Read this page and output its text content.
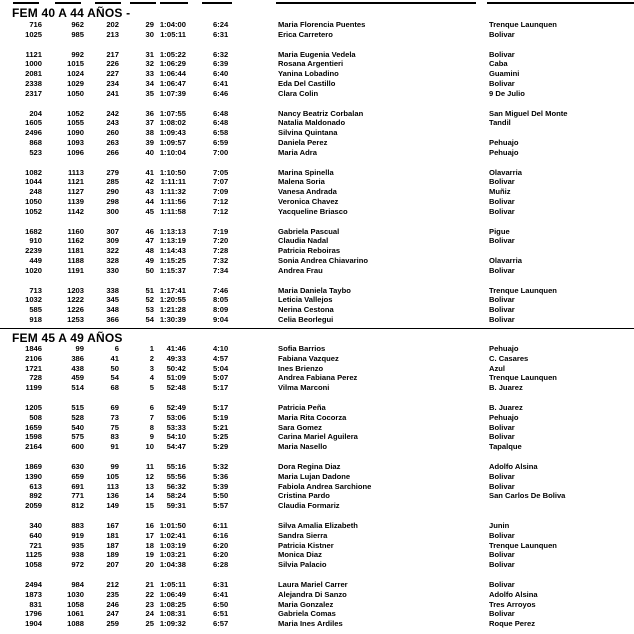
FEM 40 A 44 AÑOS -
716	962	202	29 1:04:00	6:24	Maria Florencia Puentes	Trenque Launquen
1025	985	213	30 1:05:11	6:31	Erica Carretero	Bolivar
1121	992	217	31 1:05:22	6:32	Maria Eugenia Vedela	Bolivar
1000	1015	226	32 1:06:29	6:39	Rosana Argentieri	Caba
2081	1024	227	33 1:06:44	6:40	Yanina Lobadino	Guamini
2338	1029	234	34 1:06:47	6:41	Eda Del Castillo	Bolivar
2317	1050	241	35 1:07:39	6:46	Clara Colin	9 De Julio
204	1052	242	36 1:07:55	6:48	Nancy Beatriz Corbalan	San Miguel Del Monte
1605	1055	243	37 1:08:02	6:48	Natalia Maldonado	Tandil
2496	1090	260	38 1:09:43	6:58	Silvina Quintana
868	1093	263	39 1:09:57	6:59	Daniela Perez	Pehuajo
523	1096	266	40 1:10:04	7:00	Maria Adra	Pehuajo
1082	1113	279	41 1:10:50	7:05	Marina Spinella	Olavarria
1044	1121	285	42 1:11:11	7:07	Malena Soria	Bolivar
248	1127	290	43 1:11:32	7:09	Vanesa Andrada	Muñiz
1050	1139	298	44 1:11:56	7:12	Veronica Chavez	Bolivar
1052	1142	300	45 1:11:58	7:12	Yacqueline Briasco	Bolivar
1682	1160	307	46 1:13:13	7:19	Gabriela Pascual	Pigue
910	1162	309	47 1:13:19	7:20	Claudia Nadal	Bolivar
2239	1181	322	48 1:14:43	7:28	Patricia Reboiras
449	1188	328	49 1:15:25	7:32	Sonia Andrea Chiavarino	Olavarria
1020	1191	330	50 1:15:37	7:34	Andrea Frau	Bolivar
713	1203	338	51 1:17:41	7:46	Maria Daniela Taybo	Trenque Launquen
1032	1222	345	52 1:20:55	8:05	Leticia Vallejos	Bolivar
585	1226	348	53 1:21:28	8:09	Nerina Cestona	Bolivar
918	1253	366	54 1:30:39	9:04	Celia Beorlegui	Bolivar
FEM 45 A 49 AÑOS
1846	99	6	1 41:46	4:10	Sofia Barrios	Pehuajo
2106	386	41	2 49:33	4:57	Fabiana Vazquez	C. Casares
1721	438	50	3 50:42	5:04	Ines Brienzo	Azul
728	459	54	4 51:09	5:07	Andrea Fabiana Perez	Trenque Launquen
1199	514	68	5 52:48	5:17	Vilma Marconi	B. Juarez
1205	515	69	6 52:49	5:17	Patricia Peña	B. Juarez
508	528	73	7 53:06	5:19	Maria Rita Cocorza	Pehuajo
1659	540	75	8 53:33	5:21	Sara Gomez	Bolivar
1598	575	83	9 54:10	5:25	Carina Mariel Aguilera	Bolivar
2164	600	91	10 54:47	5:29	Maria Nasello	Tapalque
1869	630	99	11 55:16	5:32	Dora Regina Diaz	Adolfo Alsina
1390	659	105	12 55:56	5:36	Maria Lujan Dadone	Bolivar
613	691	113	13 56:32	5:39	Fabiola Andrea Sarchione	Bolivar
892	771	136	14 58:24	5:50	Cristina Pardo	San Carlos De Boliva
2059	812	149	15 59:31	5:57	Claudia Formariz
340	883	167	16 1:01:50	6:11	Silva Amalia Elizabeth	Junin
640	919	181	17 1:02:41	6:16	Sandra Sierra	Bolivar
721	935	187	18 1:03:19	6:20	Patricia Kistner	Trenque Launquen
1125	938	189	19 1:03:21	6:20	Monica Diaz	Bolivar
1058	972	207	20 1:04:38	6:28	Silvia Palacio	Bolivar
2494	984	212	21 1:05:11	6:31	Laura Mariel Carrer	Bolivar
1873	1030	235	22 1:06:49	6:41	Alejandra Di Sanzo	Adolfo Alsina
831	1058	246	23 1:08:25	6:50	Maria Gonzalez	Tres Arroyos
1796	1061	247	24 1:08:31	6:51	Gabriela Comas	Bolivar
1904	1088	259	25 1:09:32	6:57	Maria Ines Ardiles	Roque Perez
